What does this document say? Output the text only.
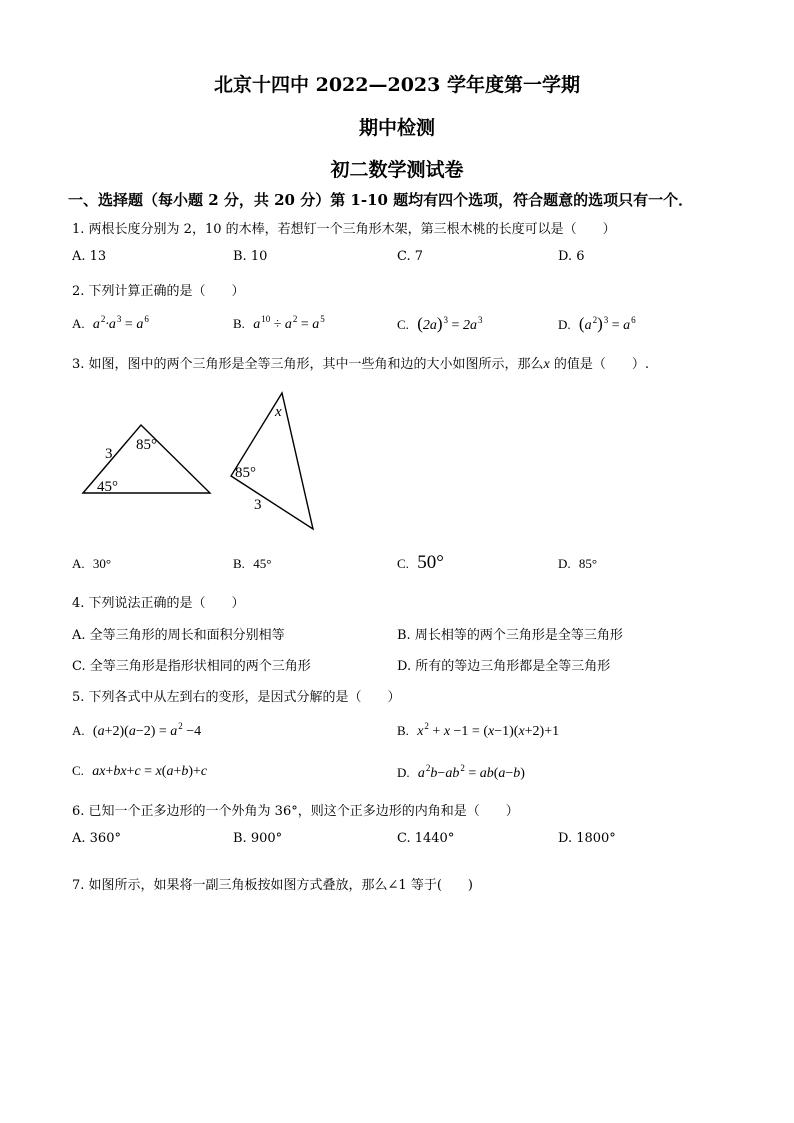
北京十四中 2022—2023 学年度第一学期
期中检测
初二数学测试卷
一、选择题（每小题 2 分，共 20 分）第 1-10 题均有四个选项，符合题意的选项只有一个．
1. 两根长度分别为 2，10 的木棒，若想钉一个三角形木架，第三根木桃的长度可以是（　　）
A. 13	B. 10	C. 7	D. 6
2. 下列计算正确的是（　　）
A. $a^2\cdot a^3 = a^6$	B. $a^{10} \div a^2 = a^5$	C. $(2a)^3 = 2a^3$	D. $(a^2)^3 = a^6$
3. 如图，图中的两个三角形是全等三角形，其中一些角和边的大小如图所示，那么x 的值是（　　）.
3
85°
45°
x
85°
3
A. 30°	B. 45°	C. 50°	D. 85°
4. 下列说法正确的是（　　）
A. 全等三角形的周长和面积分别相等	B. 周长相等的两个三角形是全等三角形
C. 全等三角形是指形状相同的两个三角形	D. 所有的等边三角形都是全等三角形
5. 下列各式中从左到右的变形，是因式分解的是（　　）
A. $(a+2)(a-2) = a^2 -4$	B. $x^2 + x -1 = (x-1)(x+2)+1$
C. ax+bx+c = x(a+b)+c	D. $a^2b-ab^2 = ab(a-b)$
6. 已知一个正多边形的一个外角为 36°，则这个正多边形的内角和是（　　）
A. 360°	B. 900°	C. 1440°	D. 1800°
7. 如图所示，如果将一副三角板按如图方式叠放，那么∠1 等于(　　)
